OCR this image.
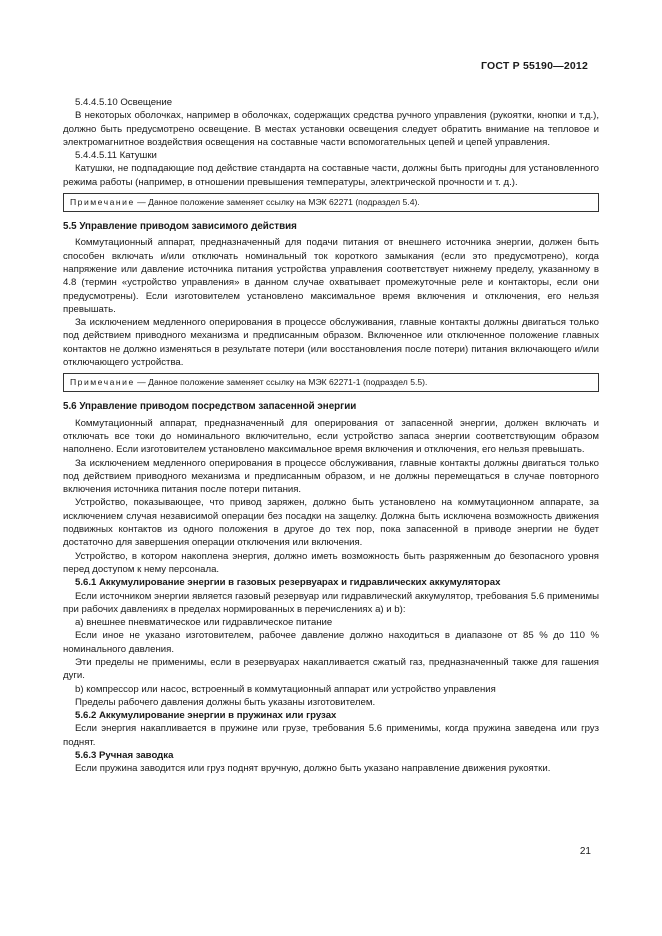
ГОСТ Р 55190—2012

5.4.4.5.10 Освещение

В некоторых оболочках, например в оболочках, содержащих средства ручного управления (рукоятки, кнопки и т.д.), должно быть предусмотрено освещение. В местах установки освещения следует обратить внимание на тепловое и электромагнитное воздействия освещения на составные части вспомогательных цепей и цепей управления.

5.4.4.5.11 Катушки

Катушки, не подпадающие под действие стандарта на составные части, должны быть пригодны для установленного режима работы (например, в отношении превышения температуры, электрической прочности и т. д.).

Примечание — Данное положение заменяет ссылку на МЭК 62271 (подраздел 5.4).
5.5 Управление приводом зависимого действия

Коммутационный аппарат, предназначенный для подачи питания от внешнего источника энергии, должен быть способен включать и/или отключать номинальный ток короткого замыкания (если это предусмотрено), когда напряжение или давление источника питания устройства управления соответствует нижнему пределу, указанному в 4.8 (термин «устройство управления» в данном случае охватывает промежуточные реле и контакторы, если они предусмотрены). Если изготовителем установлено максимальное время включения и отключения, его нельзя превышать.

За исключением медленного оперирования в процессе обслуживания, главные контакты должны двигаться только под действием приводного механизма и предписанным образом. Включенное или отключенное положение главных контактов не должно изменяться в результате потери (или восстановления после потери) питания включающего и/или отключающего устройства.

Примечание — Данное положение заменяет ссылку на МЭК 62271-1 (подраздел 5.5).
5.6 Управление приводом посредством запасенной энергии

Коммутационный аппарат, предназначенный для оперирования от запасенной энергии, должен включать и отключать все токи до номинального включительно, если устройство запаса энергии соответствующим образом наполнено. Если изготовителем установлено максимальное время включения и отключения, его нельзя превышать.

За исключением медленного оперирования в процессе обслуживания, главные контакты должны двигаться только под действием приводного механизма и предписанным образом, и не должны перемещаться в случае повторного включения источника питания после потери питания.

Устройство, показывающее, что привод заряжен, должно быть установлено на коммутационном аппарате, за исключением случая независимой операции без посадки на защелку. Должна быть исключена возможность движения подвижных контактов из одного положения в другое до тех пор, пока запасенной в приводе энергии не будет достаточно для завершения операции отключения или включения.

Устройство, в котором накоплена энергия, должно иметь возможность быть разряженным до безопасного уровня перед доступом к нему персонала.

5.6.1 Аккумулирование энергии в газовых резервуарах и гидравлических аккумуляторах

Если источником энергии является газовый резервуар или гидравлический аккумулятор, требования 5.6 применимы при рабочих давлениях в пределах нормированных в перечислениях а) и b):

a) внешнее пневматическое или гидравлическое питание

Если иное не указано изготовителем, рабочее давление должно находиться в диапазоне от 85 % до 110 % номинального давления.

Эти пределы не применимы, если в резервуарах накапливается сжатый газ, предназначенный также для гашения дуги.

b) компрессор или насос, встроенный в коммутационный аппарат или устройство управления

Пределы рабочего давления должны быть указаны изготовителем.

5.6.2 Аккумулирование энергии в пружинах или грузах

Если энергия накапливается в пружине или грузе, требования 5.6 применимы, когда пружина заведена или груз поднят.

5.6.3 Ручная заводка

Если пружина заводится или груз поднят вручную, должно быть указано направление движения рукоятки.

21
